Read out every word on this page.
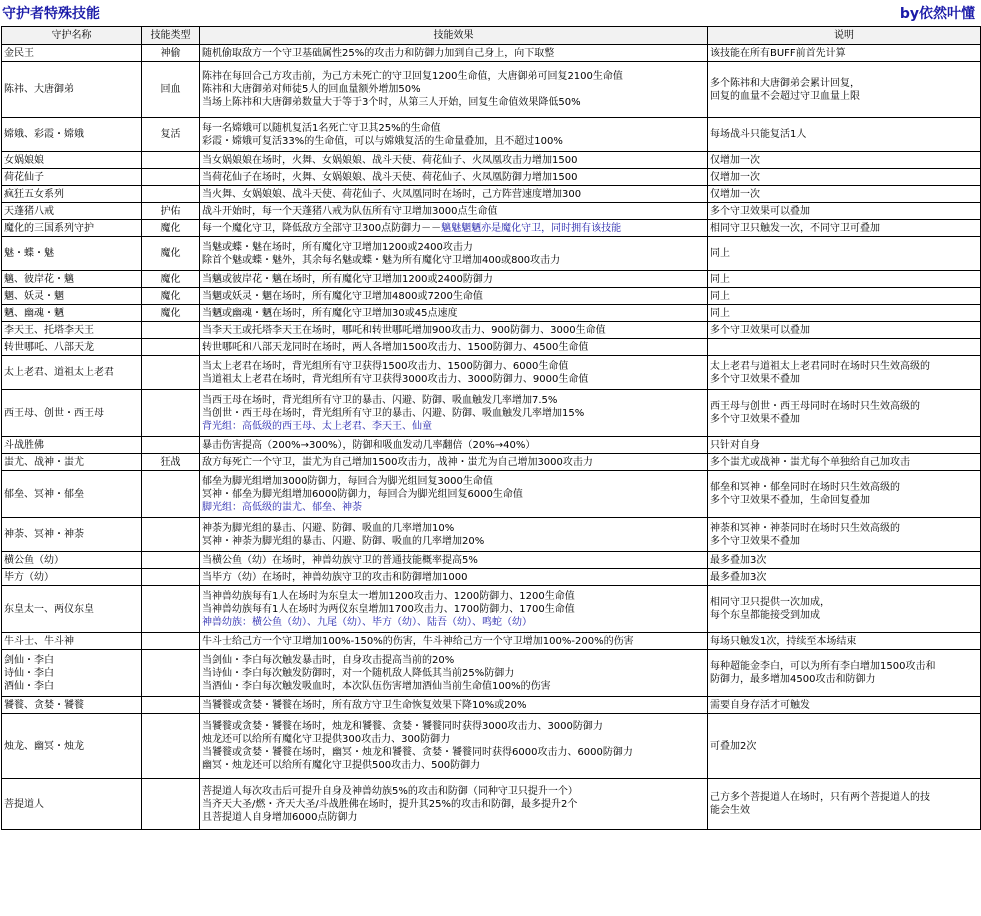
守护者特殊技能	by依然叶懂
守护名称	技能类型	技能效果	说明

金民王	神偷	随机偷取敌方一个守卫基础属性25%的攻击力和防御力加到自己身上，向下取整	该技能在所有BUFF前首先计算

陈祎、大唐御弟	回血	陈祎在每回合己方攻击前，为己方未死亡的守卫回复1200生命值，大唐御弟可回复2100生命值
陈祎和大唐御弟对师徒5人的回血量额外增加50%
当场上陈祎和大唐御弟数量大于等于3个时，从第三人开始，回复生命值效果降低50%	多个陈祎和大唐御弟会累计回复，
回复的血量不会超过守卫血量上限

嫦娥、彩霞・嫦娥	复活	每一名嫦娥可以随机复活1名死亡守卫其25%的生命值
彩霞・嫦娥可复活33%的生命值，可以与嫦娥复活的生命量叠加，且不超过100%	每场战斗只能复活1人

女娲娘娘		当女娲娘娘在场时，火舞、女娲娘娘、战斗天使、荷花仙子、火凤凰攻击力增加1500	仅增加一次

荷花仙子		当荷花仙子在场时，火舞、女娲娘娘、战斗天使、荷花仙子、火凤凰防御力增加1500	仅增加一次

疯狂五女系列		当火舞、女娲娘娘、战斗天使、荷花仙子、火凤凰同时在场时，己方阵营速度增加300	仅增加一次

天蓬猪八戒	护佑	战斗开始时，每一个天蓬猪八戒为队伍所有守卫增加3000点生命值	多个守卫效果可以叠加

魔化的三国系列守护	魔化	每一个魔化守卫，降低敌方全部守卫300点防御力－－魑魅魍魉亦是魔化守卫，同时拥有该技能	相同守卫只触发一次，不同守卫可叠加

魅・蝶・魅	魔化	当魅或蝶・魅在场时，所有魔化守卫增加1200或2400攻击力
除首个魅或蝶・魅外，其余每名魅或蝶・魅为所有魔化守卫增加400或800攻击力	同上

魑、彼岸花・魑	魔化	当魑或彼岸花・魑在场时，所有魔化守卫增加1200或2400防御力	同上

魍、妖灵・魍	魔化	当魍或妖灵・魍在场时，所有魔化守卫增加4800或7200生命值	同上

魉、幽魂・魉	魔化	当魉或幽魂・魉在场时，所有魔化守卫增加30或45点速度	同上

李天王、托塔李天王		当李天王或托塔李天王在场时，哪吒和转世哪吒增加900攻击力、900防御力、3000生命值	多个守卫效果可以叠加

转世哪吒、八部天龙		转世哪吒和八部天龙同时在场时，两人各增加1500攻击力、1500防御力、4500生命值	

太上老君、道祖太上老君		当太上老君在场时，背光组所有守卫获得1500攻击力、1500防御力、6000生命值
当道祖太上老君在场时，背光组所有守卫获得3000攻击力、3000防御力、9000生命值	太上老君与道祖太上老君同时在场时只生效高级的
多个守卫效果不叠加

西王母、创世・西王母		当西王母在场时，背光组所有守卫的暴击、闪避、防御、吸血触发几率增加7.5%
当创世・西王母在场时，背光组所有守卫的暴击、闪避、防御、吸血触发几率增加15%
背光组：高低级的西王母、太上老君、李天王、仙童	西王母与创世・西王母同时在场时只生效高级的
多个守卫效果不叠加

斗战胜佛		暴击伤害提高（200%→300%），防御和吸血发动几率翻倍（20%→40%）	只针对自身

蚩尤、战神・蚩尤	狂战	敌方每死亡一个守卫，蚩尤为自己增加1500攻击力，战神・蚩尤为自己增加3000攻击力	多个蚩尤或战神・蚩尤每个单独给自己加攻击

郁垒、冥神・郁垒		郁垒为脚光组增加3000防御力，每回合为脚光组回复3000生命值
冥神・郁垒为脚光组增加6000防御力，每回合为脚光组回复6000生命值
脚光组：高低级的蚩尤、郁垒、神荼	郁垒和冥神・郁垒同时在场时只生效高级的
多个守卫效果不叠加，生命回复叠加

神荼、冥神・神荼		神荼为脚光组的暴击、闪避、防御、吸血的几率增加10%
冥神・神荼为脚光组的暴击、闪避、防御、吸血的几率增加20%	神荼和冥神・神荼同时在场时只生效高级的
多个守卫效果不叠加

横公鱼（幼）		当横公鱼（幼）在场时，神兽幼族守卫的普通技能概率提高5%	最多叠加3次

毕方（幼）		当毕方（幼）在场时，神兽幼族守卫的攻击和防御增加1000	最多叠加3次

东皇太一、两仪东皇		当神兽幼族每有1人在场时为东皇太一增加1200攻击力、1200防御力、1200生命值
当神兽幼族每有1人在场时为两仪东皇增加1700攻击力、1700防御力、1700生命值
神兽幼族：横公鱼（幼）、九尾（幼）、毕方（幼）、陆吾（幼）、鸣蛇（幼）	相同守卫只提供一次加成，
每个东皇都能接受到加成

牛斗士、牛斗神		牛斗士给己方一个守卫增加100%-150%的伤害，牛斗神给己方一个守卫增加100%-200%的伤害	每场只触发1次，持续至本场结束

剑仙・李白
诗仙・李白
酒仙・李白		当剑仙・李白每次触发暴击时，自身攻击提高当前的20%
当诗仙・李白每次触发防御时，对一个随机敌人降低其当前25%防御力
当酒仙・李白每次触发吸血时，本次队伍伤害增加酒仙当前生命值100%的伤害	每种超能金李白，可以为所有李白增加1500攻击和
防御力，最多增加4500攻击和防御力

饕餮、贪婪・饕餮		当饕餮或贪婪・饕餮在场时，所有敌方守卫生命恢复效果下降10%或20%	需要自身存活才可触发

烛龙、幽冥・烛龙		当饕餮或贪婪・饕餮在场时，烛龙和饕餮、贪婪・饕餮同时获得3000攻击力、3000防御力
烛龙还可以给所有魔化守卫提供300攻击力、300防御力
当饕餮或贪婪・饕餮在场时，幽冥・烛龙和饕餮、贪婪・饕餮同时获得6000攻击力、6000防御力
幽冥・烛龙还可以给所有魔化守卫提供500攻击力、500防御力	可叠加2次

菩提道人		菩提道人每次攻击后可提升自身及神兽幼族5%的攻击和防御（同种守卫只提升一个）
当齐天大圣/燃・齐天大圣/斗战胜佛在场时，提升其25%的攻击和防御，最多提升2个
且菩提道人自身增加6000点防御力	己方多个菩提道人在场时，只有两个菩提道人的技
能会生效
